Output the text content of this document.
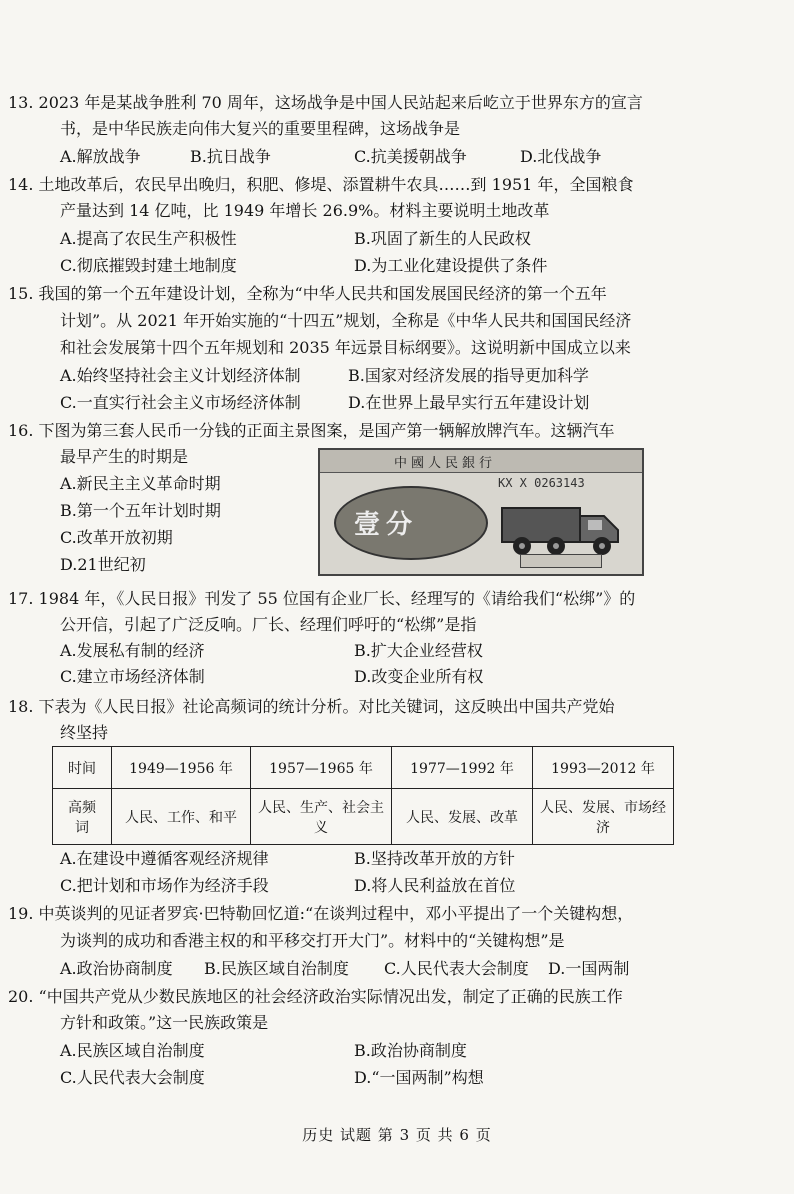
13. 2023 年是某战争胜利 70 周年，这场战争是中国人民站起来后屹立于世界东方的宣言
书，是中华民族走向伟大复兴的重要里程碑，这场战争是
A.解放战争	B.抗日战争	C.抗美援朝战争	D.北伐战争
14. 土地改革后，农民早出晚归，积肥、修堤、添置耕牛农具……到 1951 年，全国粮食
产量达到 14 亿吨，比 1949 年增长 26.9%。材料主要说明土地改革
A.提高了农民生产积极性	B.巩固了新生的人民政权
C.彻底摧毁封建土地制度	D.为工业化建设提供了条件
15. 我国的第一个五年建设计划，全称为“中华人民共和国发展国民经济的第一个五年
计划”。从 2021 年开始实施的“十四五”规划，全称是《中华人民共和国国民经济
和社会发展第十四个五年规划和 2035 年远景目标纲要》。这说明新中国成立以来
A.始终坚持社会主义计划经济体制	B.国家对经济发展的指导更加科学
C.一直实行社会主义市场经济体制	D.在世界上最早实行五年建设计划
16. 下图为第三套人民币一分钱的正面主景图案，是国产第一辆解放牌汽车。这辆汽车
最早产生的时期是
A.新民主主义革命时期
B.第一个五年计划时期
C.改革开放初期
D.21世纪初
中國人民銀行
KX X 0263143
壹分
17. 1984 年，《人民日报》刊发了 55 位国有企业厂长、经理写的《请给我们“松绑”》的
公开信，引起了广泛反响。厂长、经理们呼吁的“松绑”是指
A.发展私有制的经济	B.扩大企业经营权
C.建立市场经济体制	D.改变企业所有权
18. 下表为《人民日报》社论高频词的统计分析。对比关键词，这反映出中国共产党始
终坚持
时间	1949—1956 年	1957—1965 年	1977—1992 年	1993—2012 年
高频词	人民、工作、和平	人民、生产、社会主义	人民、发展、改革	人民、发展、市场经济
A.在建设中遵循客观经济规律	B.坚持改革开放的方针
C.把计划和市场作为经济手段	D.将人民利益放在首位
19. 中英谈判的见证者罗宾·巴特勒回忆道:“在谈判过程中，邓小平提出了一个关键构想，
为谈判的成功和香港主权的和平移交打开大门”。材料中的“关键构想”是
A.政治协商制度 B.民族区域自治制度 C.人民代表大会制度 D.一国两制
20. “中国共产党从少数民族地区的社会经济政治实际情况出发，制定了正确的民族工作
方针和政策。”这一民族政策是
A.民族区域自治制度	B.政治协商制度
C.人民代表大会制度	D.“一国两制”构想
历史 试题 第 3 页 共 6 页
